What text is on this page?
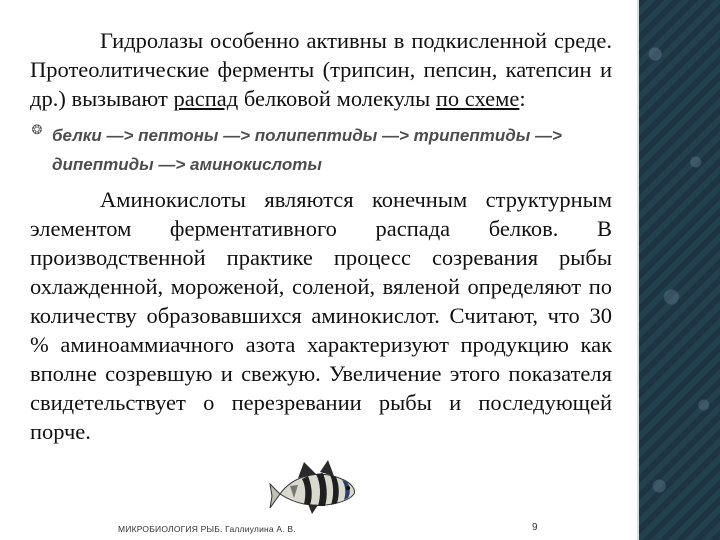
Гидролазы особенно активны в подкисленной среде. Протеолитические ферменты (трипсин, пепсин, катепсин и др.) вызывают распад белковой молекулы по схеме:

❂ белки —> пептоны —> полипептиды —> трипептиды —> дипептиды —> аминокислоты

Аминокислоты являются конечным структурным элементом ферментативного распада белков. В производственной практике процесс созревания рыбы охлажденной, мороженой, соленой, вяленой определяют по количеству образовавшихся аминокислот. Считают, что 30 % аминоаммиачного азота характеризуют продукцию как вполне созревшую и свежую. Увеличение этого показателя свидетельствует о перезревании рыбы и последующей порче.

МИКРОБИОЛОГИЯ РЫБ. Галлиулина А. В.	9
